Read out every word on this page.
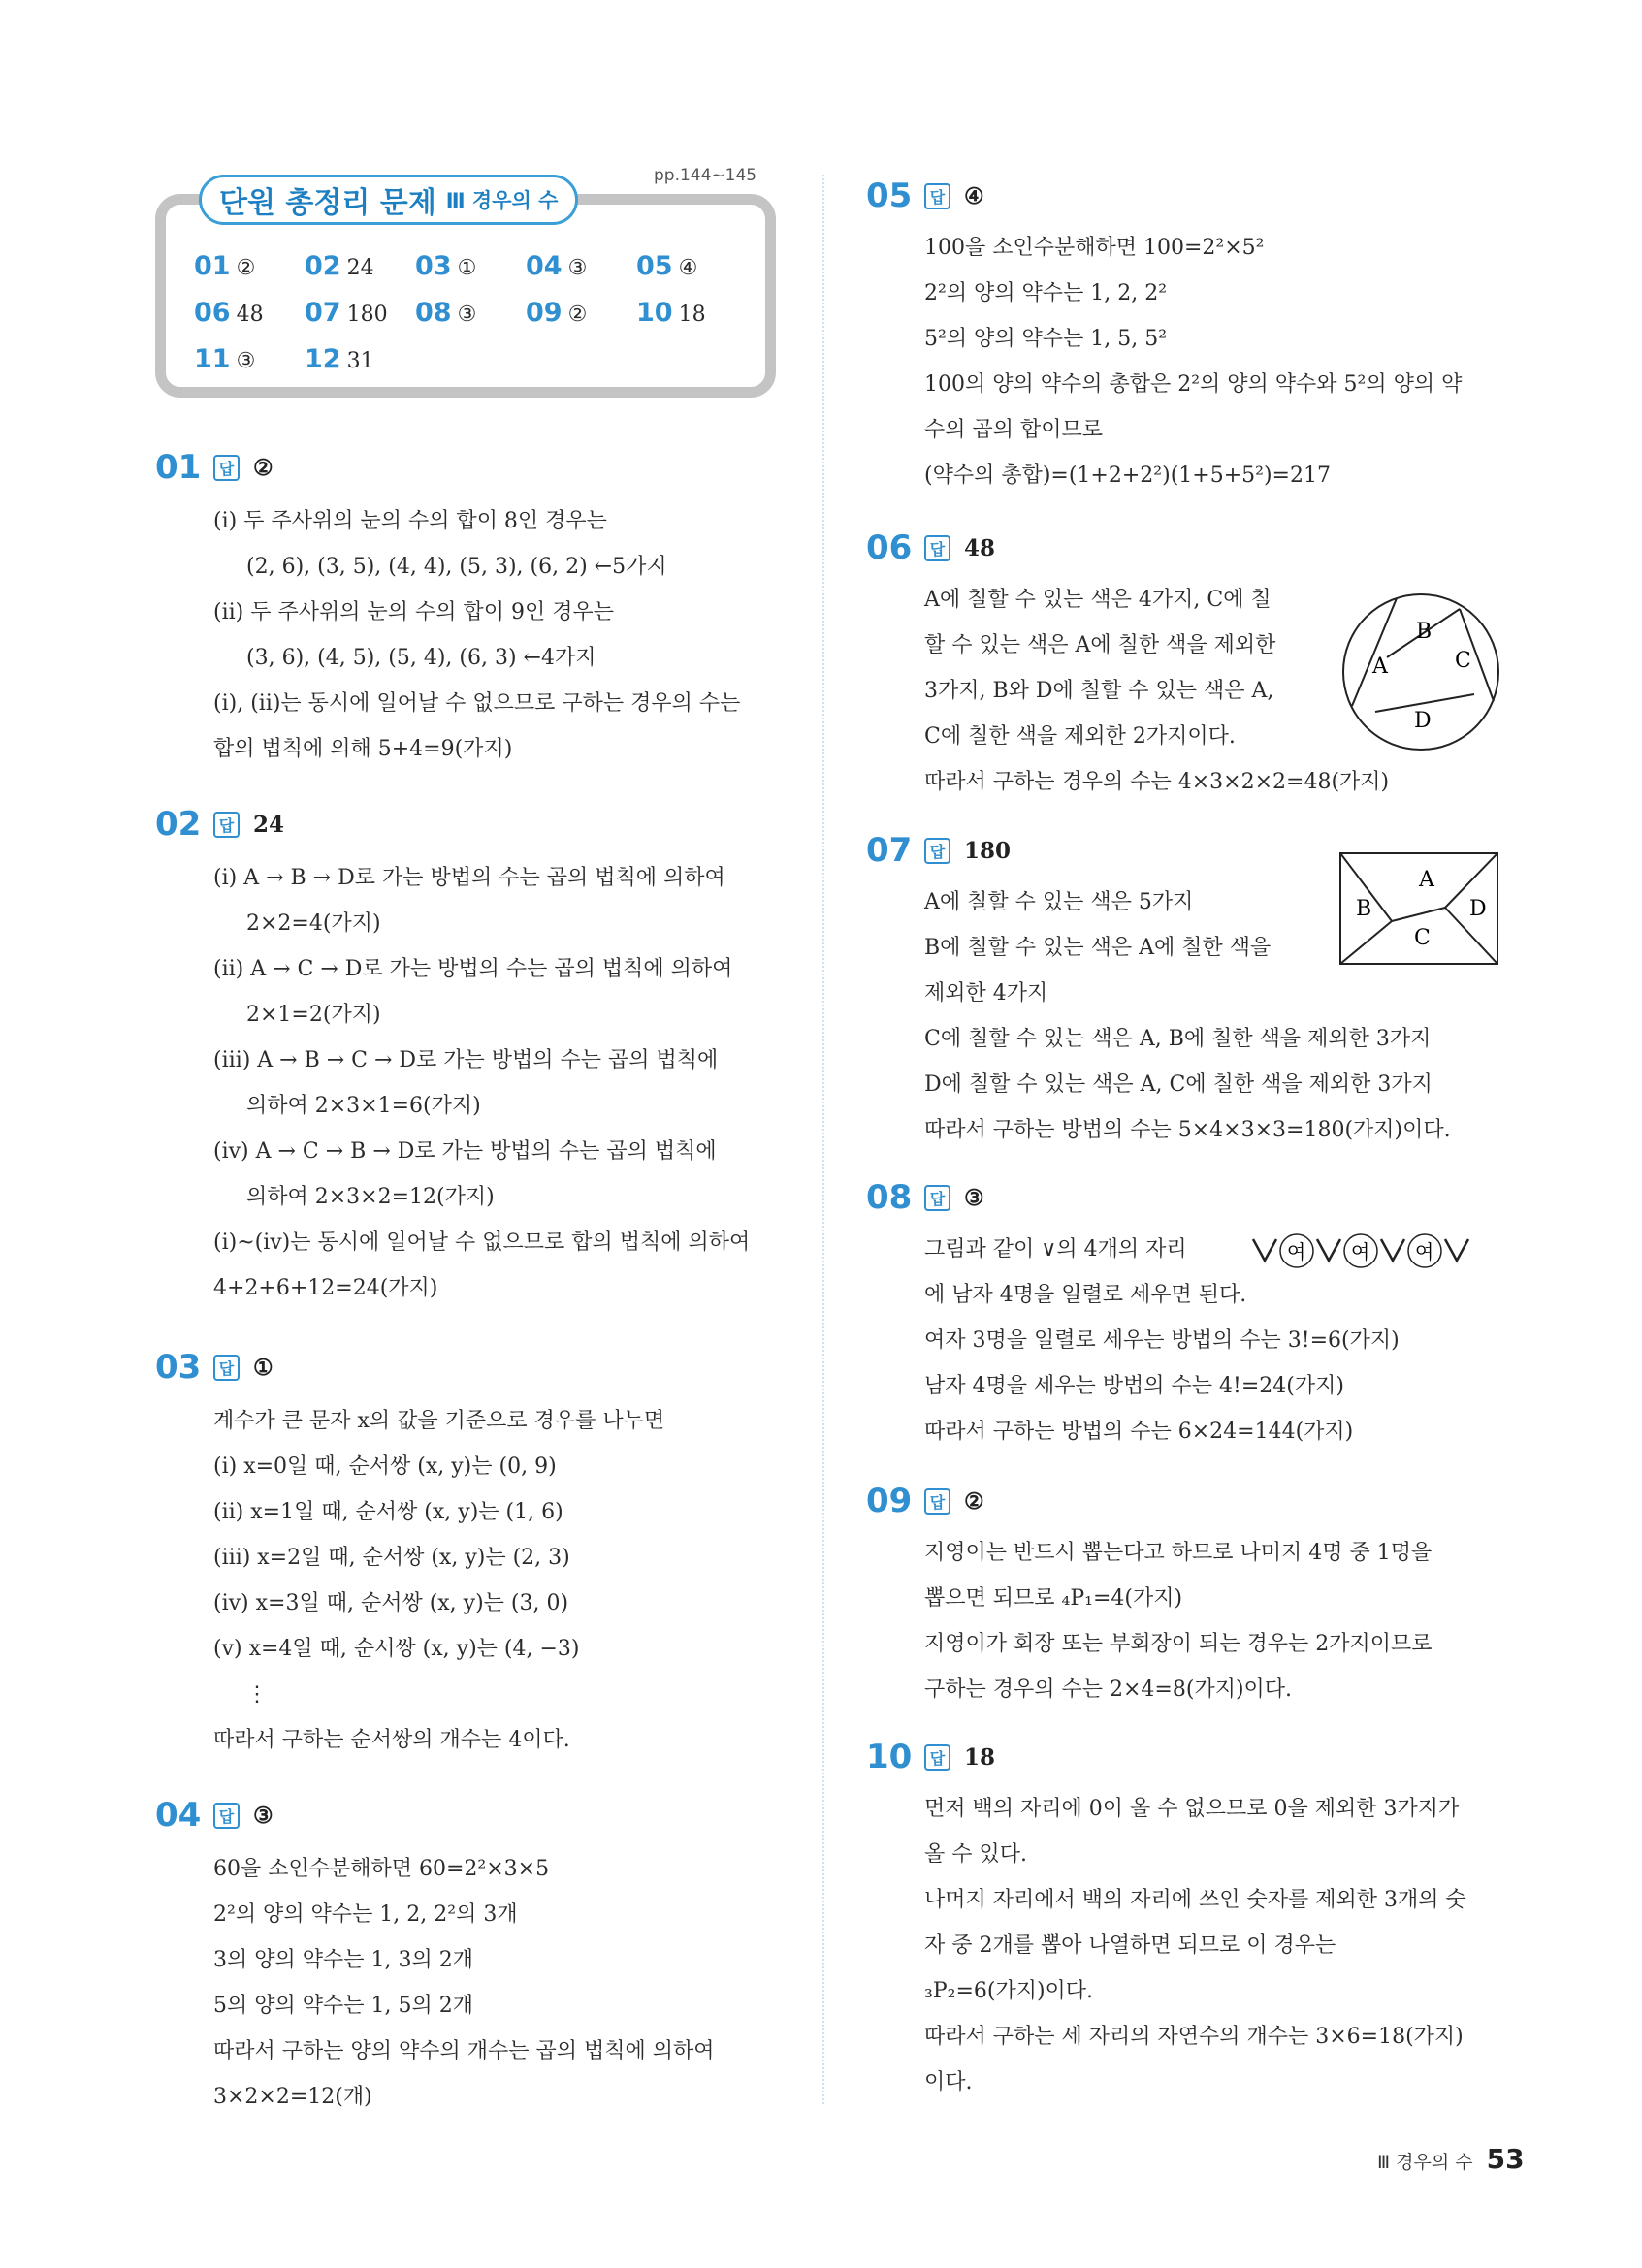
단원 총정리 문제 Ⅲ 경우의 수
pp.144~145
01 ②	02 24	03 ①	04 ③	05 ④
06 48	07 180	08 ③	09 ②	10 18
11 ③	12 31
01	답 ②
(ⅰ) 두 주사위의 눈의 수의 합이 8인 경우는
(2, 6), (3, 5), (4, 4), (5, 3), (6, 2) ←5가지
(ⅱ) 두 주사위의 눈의 수의 합이 9인 경우는
(3, 6), (4, 5), (5, 4), (6, 3) ←4가지
(ⅰ), (ⅱ)는 동시에 일어날 수 없으므로 구하는 경우의 수는
합의 법칙에 의해 5+4=9(가지)
02	답 24
(ⅰ) A → B → D로 가는 방법의 수는 곱의 법칙에 의하여
2×2=4(가지)
(ⅱ) A → C → D로 가는 방법의 수는 곱의 법칙에 의하여
2×1=2(가지)
(ⅲ) A → B → C → D로 가는 방법의 수는 곱의 법칙에
의하여 2×3×1=6(가지)
(ⅳ) A → C → B → D로 가는 방법의 수는 곱의 법칙에
의하여 2×3×2=12(가지)
(ⅰ)~(ⅳ)는 동시에 일어날 수 없으므로 합의 법칙에 의하여
4+2+6+12=24(가지)
03	답 ①
계수가 큰 문자 x의 값을 기준으로 경우를 나누면
(ⅰ) x=0일 때, 순서쌍 (x, y)는 (0, 9)
(ⅱ) x=1일 때, 순서쌍 (x, y)는 (1, 6)
(ⅲ) x=2일 때, 순서쌍 (x, y)는 (2, 3)
(ⅳ) x=3일 때, 순서쌍 (x, y)는 (3, 0)
(ⅴ) x=4일 때, 순서쌍 (x, y)는 (4, −3)
⋮
따라서 구하는 순서쌍의 개수는 4이다.
04	답 ③
60을 소인수분해하면 60=2²×3×5
2²의 양의 약수는 1, 2, 2²의 3개
3의 양의 약수는 1, 3의 2개
5의 양의 약수는 1, 5의 2개
따라서 구하는 양의 약수의 개수는 곱의 법칙에 의하여
3×2×2=12(개)
05	답 ④
100을 소인수분해하면 100=2²×5²
2²의 양의 약수는 1, 2, 2²
5²의 양의 약수는 1, 5, 5²
100의 양의 약수의 총합은 2²의 양의 약수와 5²의 양의 약
수의 곱의 합이므로
(약수의 총합)=(1+2+2²)(1+5+5²)=217
06	답 48
A에 칠할 수 있는 색은 4가지, C에 칠
할 수 있는 색은 A에 칠한 색을 제외한
3가지, B와 D에 칠할 수 있는 색은 A,
C에 칠한 색을 제외한 2가지이다.
따라서 구하는 경우의 수는 4×3×2×2=48(가지)
A
B
C
D
07	답 180
A에 칠할 수 있는 색은 5가지
B에 칠할 수 있는 색은 A에 칠한 색을
제외한 4가지
C에 칠할 수 있는 색은 A, B에 칠한 색을 제외한 3가지
D에 칠할 수 있는 색은 A, C에 칠한 색을 제외한 3가지
따라서 구하는 방법의 수는 5×4×3×3=180(가지)이다.
A
B
C
D
08	답 ③
그림과 같이 ∨의 4개의 자리
에 남자 4명을 일렬로 세우면 된다.
여자 3명을 일렬로 세우는 방법의 수는 3!=6(가지)
남자 4명을 세우는 방법의 수는 4!=24(가지)
따라서 구하는 방법의 수는 6×24=144(가지)
여 여 여
09	답 ②
지영이는 반드시 뽑는다고 하므로 나머지 4명 중 1명을
뽑으면 되므로 ₄P₁=4(가지)
지영이가 회장 또는 부회장이 되는 경우는 2가지이므로
구하는 경우의 수는 2×4=8(가지)이다.
10	답 18
먼저 백의 자리에 0이 올 수 없으므로 0을 제외한 3가지가
올 수 있다.
나머지 자리에서 백의 자리에 쓰인 숫자를 제외한 3개의 숫
자 중 2개를 뽑아 나열하면 되므로 이 경우는
₃P₂=6(가지)이다.
따라서 구하는 세 자리의 자연수의 개수는 3×6=18(가지)
이다.
Ⅲ 경우의 수 53
